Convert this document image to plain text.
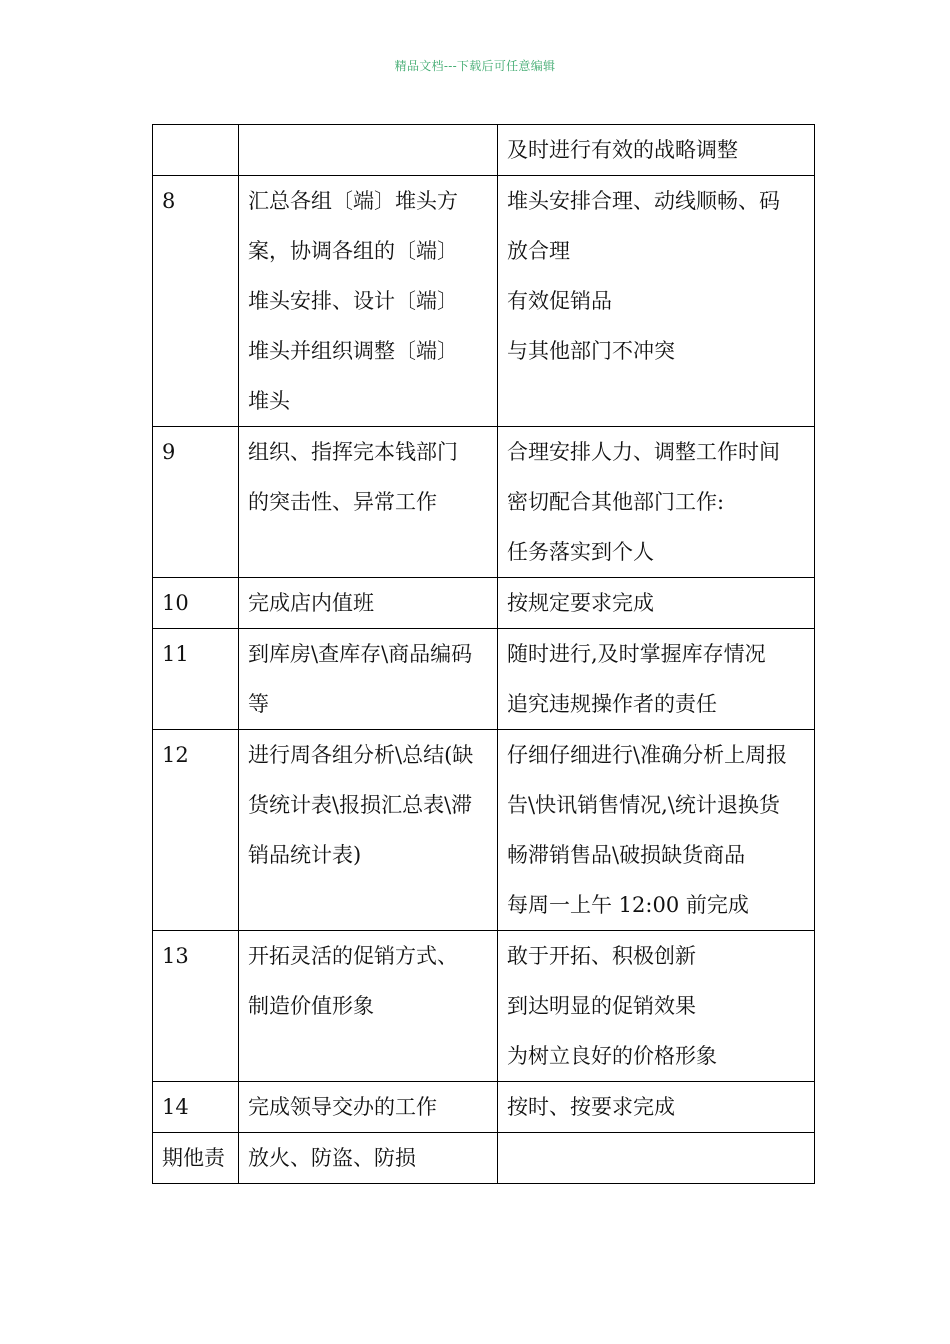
精品文档---下载后可任意编辑

		及时进行有效的战略调整

8	汇总各组〔端〕堆头方
案，协调各组的〔端〕
堆头安排、设计〔端〕
堆头并组织调整〔端〕
堆头	堆头安排合理、动线顺畅、码
放合理
有效促销品
与其他部门不冲突

9	组织、指挥完本钱部门
的突击性、异常工作	合理安排人力、调整工作时间
密切配合其他部门工作:
任务落实到个人

10	完成店内值班	按规定要求完成

11	到库房\查库存\商品编码
等	随时进行,及时掌握库存情况
追究违规操作者的责任

12	进行周各组分析\总结(缺
货统计表\报损汇总表\滞
销品统计表)	仔细仔细进行\准确分析上周报
告\快讯销售情况,\统计退换货
畅滞销售品\破损缺货商品
每周一上午 12:00 前完成

13	开拓灵活的促销方式、
制造价值形象	敢于开拓、积极创新
到达明显的促销效果
为树立良好的价格形象

14	完成领导交办的工作	按时、按要求完成

期他责	放火、防盗、防损	
